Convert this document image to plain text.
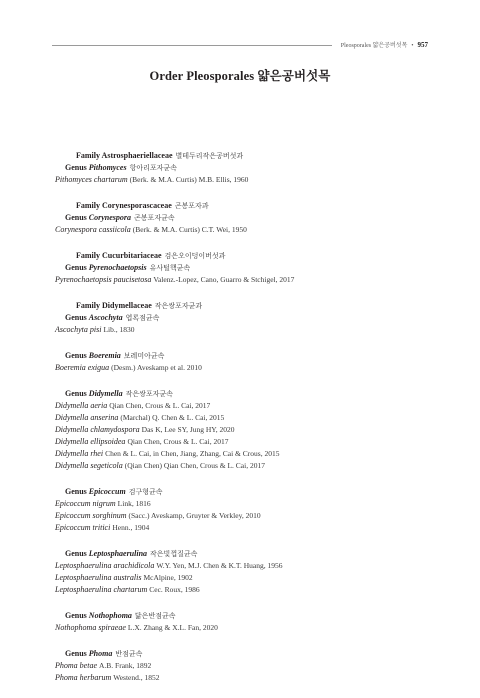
Pleosporales 얇은공버섯목 • 957
Order Pleosporales 얇은공버섯목
Family Astrosphaeriellaceae 별테두리작은공버섯과
Genus Pithomyces 항아리포자균속
Pithomyces chartarum (Berk. & M.A. Curtis) M.B. Ellis, 1960
Family Corynesporascaceae 곤봉포자과
Genus Corynespora 곤봉포자균속
Corynespora cassiicola (Berk. & M.A. Curtis) C.T. Wei, 1950
Family Cucurbitariaceae 검은오이덩이버섯과
Genus Pyrenochaetopsis 유사털핵균속
Pyrenochaetopsis paucisetosa Valenz.-Lopez, Cano, Guarro & Stchigel, 2017
Family Didymellaceae 작은쌍포자균과
Genus Ascochyta 엽록점균속
Ascochyta pisi Lib., 1830
Genus Boeremia 보레미아균속
Boeremia exigua (Desm.) Aveskamp et al. 2010
Genus Didymella 작은쌍포자균속
Didymella aeria Qian Chen, Crous & L. Cai, 2017
Didymella anserina (Marchal) Q. Chen & L. Cai, 2015
Didymella chlamydospora Das K, Lee SY, Jung HY, 2020
Didymella ellipsoidea Qian Chen, Crous & L. Cai, 2017
Didymella rhei Chen & L. Cai, in Chen, Jiang, Zhang, Cai & Crous, 2015
Didymella segeticola (Qian Chen) Qian Chen, Crous & L. Cai, 2017
Genus Epicoccum 검구형균속
Epicoccum nigrum Link, 1816
Epicoccum sorghinum (Sacc.) Aveskamp, Gruyter & Verkley, 2010
Epicoccum tritici Henn., 1904
Genus Leptosphaerulina 작은빛껍질균속
Leptosphaerulina arachidicola W.Y. Yen, M.J. Chen & K.T. Huang, 1956
Leptosphaerulina australis McAlpine, 1902
Leptosphaerulina chartarum Cec. Roux, 1986
Genus Nothophoma 닮은반점균속
Nothophoma spiraeae L.X. Zhang & X.L. Fan, 2020
Genus Phoma 반점균속
Phoma betae A.B. Frank, 1892
Phoma herbarum Westend., 1852
